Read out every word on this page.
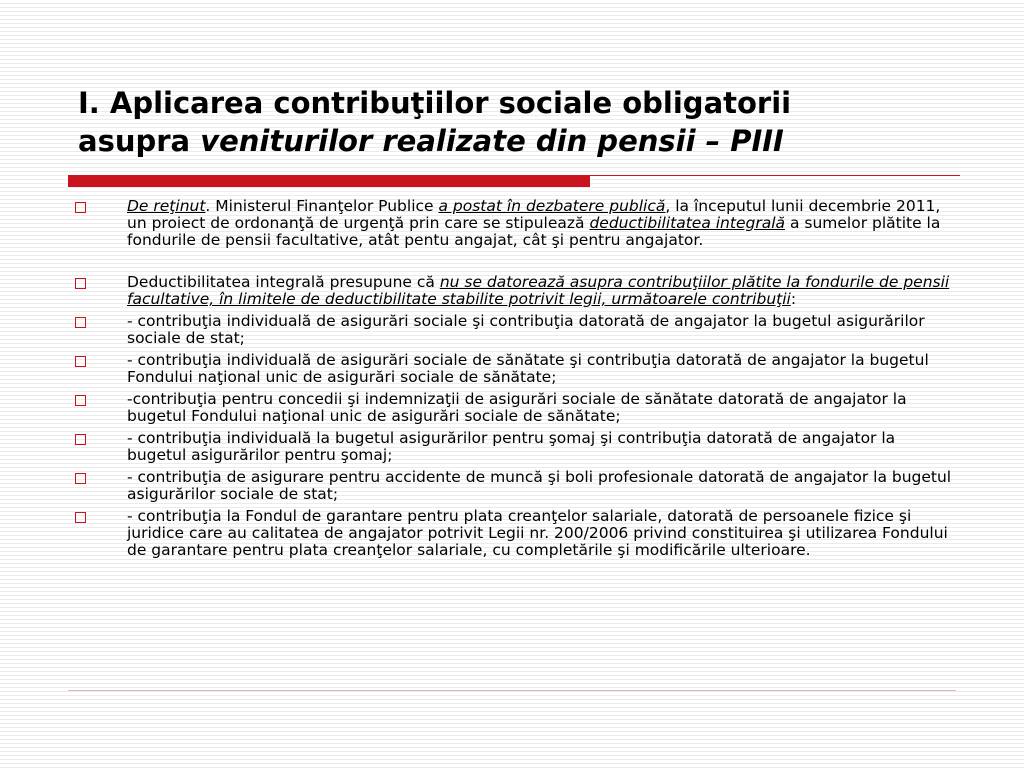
I. Aplicarea contribuţiilor sociale obligatorii
asupra veniturilor realizate din pensii – PIII
De reţinut. Ministerul Finanţelor Publice a postat în dezbatere publică, la începutul lunii decembrie 2011, un proiect de ordonanţă de urgenţă prin care se stipulează deductibilitatea integrală a sumelor plătite la fondurile de pensii facultative, atât pentu angajat, cât şi pentru angajator.
Deductibilitatea integrală presupune că nu se datorează asupra contribuţiilor plătite la fondurile de pensii facultative, în limitele de deductibilitate stabilite potrivit legii, următoarele contribuţii:
- contribuţia individuală de asigurări sociale şi contribuţia datorată de angajator la bugetul asigurărilor sociale de stat;
- contribuţia individuală de asigurări sociale de sănătate şi contribuţia datorată de angajator la bugetul Fondului naţional unic de asigurări sociale de sănătate;
-contribuţia pentru concedii şi indemnizaţii de asigurări sociale de sănătate datorată de angajator la bugetul Fondului naţional unic de asigurări sociale de sănătate;
- contribuţia individuală la bugetul asigurărilor pentru şomaj şi contribuţia datorată de angajator la bugetul asigurărilor pentru şomaj;
- contribuţia de asigurare pentru accidente de muncă şi boli profesionale datorată de angajator la bugetul asigurărilor sociale de stat;
- contribuţia la Fondul de garantare pentru plata creanţelor salariale, datorată de persoanele fizice şi juridice care au calitatea de angajator potrivit Legii nr. 200/2006 privind constituirea şi utilizarea Fondului de garantare pentru plata creanţelor salariale, cu completările şi modificările ulterioare.
